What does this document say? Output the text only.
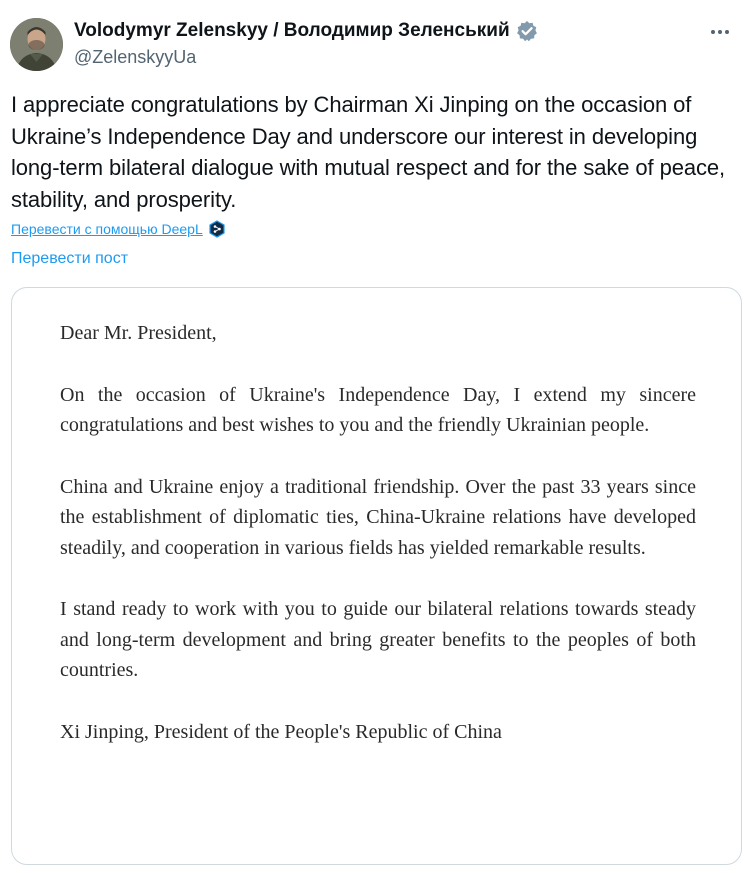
Volodymyr Zelenskyy / Володимир Зеленський
@ZelenskyyUa
I appreciate congratulations by Chairman Xi Jinping on the occasion of Ukraine’s Independence Day and underscore our interest in developing long-term bilateral dialogue with mutual respect and for the sake of peace, stability, and prosperity.
Перевести с помощью DeepL
Перевести пост

Dear Mr. President,

On the occasion of Ukraine's Independence Day, I extend my sincere congratulations and best wishes to you and the friendly Ukrainian people.

China and Ukraine enjoy a traditional friendship. Over the past 33 years since the establishment of diplomatic ties, China-Ukraine relations have developed steadily, and cooperation in various fields has yielded remarkable results.

I stand ready to work with you to guide our bilateral relations towards steady and long-term development and bring greater benefits to the peoples of both countries.

Xi Jinping, President of the People's Republic of China
